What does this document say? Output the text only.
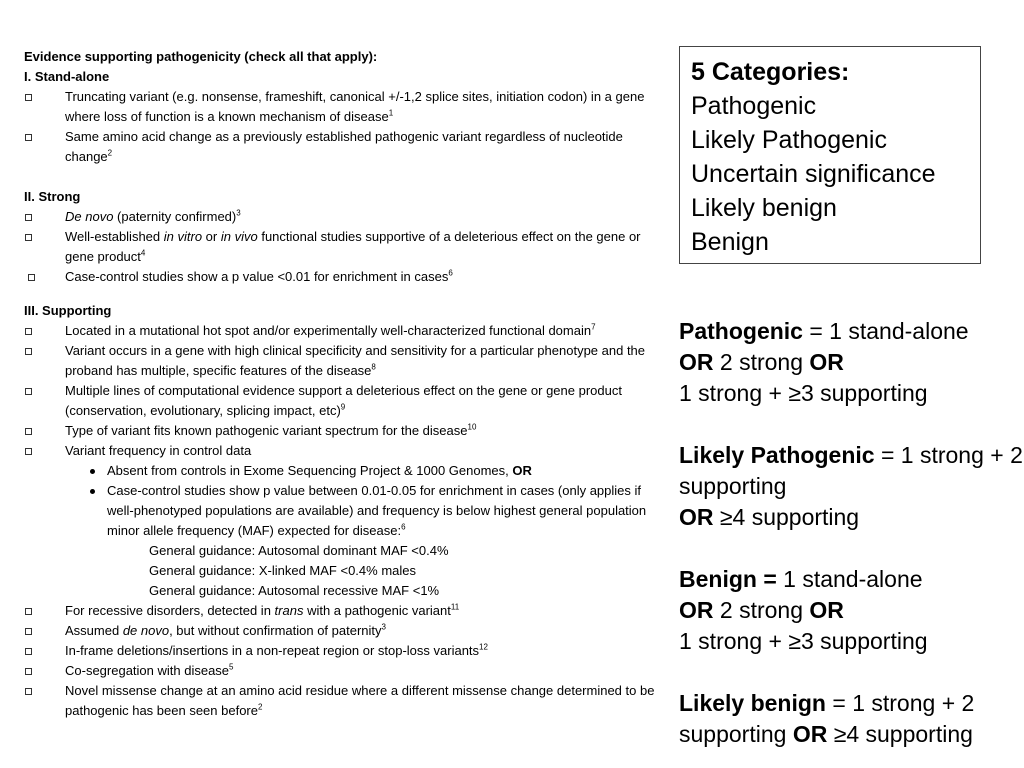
Evidence supporting pathogenicity (check all that apply):
I. Stand-alone
Truncating variant (e.g. nonsense, frameshift, canonical +/-1,2 splice sites, initiation codon) in a gene where loss of function is a known mechanism of disease$^1$
Same amino acid change as a previously established pathogenic variant regardless of nucleotide change$^2$
II. Strong
De novo (paternity confirmed)$^3$
Well-established in vitro or in vivo functional studies supportive of a deleterious effect on the gene or gene product$^4$
Case-control studies show a p value <0.01 for enrichment in cases$^6$
III. Supporting
Located in a mutational hot spot and/or experimentally well-characterized functional domain$^7$
Variant occurs in a gene with high clinical specificity and sensitivity for a particular phenotype and the proband has multiple, specific features of the disease$^8$
Multiple lines of computational evidence support a deleterious effect on the gene or gene product (conservation, evolutionary, splicing impact, etc)$^9$
Type of variant fits known pathogenic variant spectrum for the disease$^{10}$
Variant frequency in control data
Absent from controls in Exome Sequencing Project & 1000 Genomes, OR
Case-control studies show p value between 0.01-0.05 for enrichment in cases (only applies if well-phenotyped populations are available) and frequency is below highest general population minor allele frequency (MAF) expected for disease:$^6$
General guidance: Autosomal dominant MAF <0.4%
General guidance: X-linked MAF <0.4% males
General guidance: Autosomal recessive MAF <1%
For recessive disorders, detected in trans with a pathogenic variant$^{11}$
Assumed de novo, but without confirmation of paternity$^3$
In-frame deletions/insertions in a non-repeat region or stop-loss variants$^{12}$
Co-segregation with disease$^5$
Novel missense change at an amino acid residue where a different missense change determined to be pathogenic has been seen before$^2$
5 Categories:
Pathogenic
Likely Pathogenic
Uncertain significance
Likely benign
Benign
Pathogenic = 1 stand-alone
OR 2 strong OR
1 strong + ≥3 supporting
Likely Pathogenic = 1 strong + 2 supporting
OR ≥4 supporting
Benign = 1 stand-alone
OR 2 strong OR
1 strong + ≥3 supporting
Likely benign = 1 strong + 2 supporting OR ≥4 supporting
